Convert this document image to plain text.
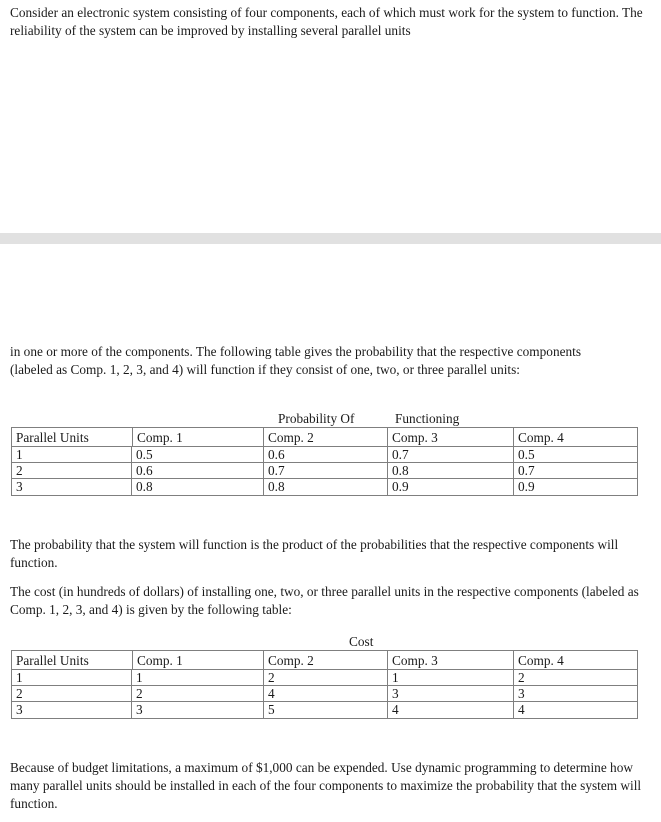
Consider an electronic system consisting of four components, each of which must work for the system to function. The reliability of the system can be improved by installing several parallel units

in one or more of the components. The following table gives the probability that the respective components (labeled as Comp. 1, 2, 3, and 4) will function if they consist of one, two, or three parallel units:

Probability Of	Functioning
Parallel Units	Comp. 1	Comp. 2	Comp. 3	Comp. 4
1	0.5	0.6	0.7	0.5
2	0.6	0.7	0.8	0.7
3	0.8	0.8	0.9	0.9

The probability that the system will function is the product of the probabilities that the respective components will function.

The cost (in hundreds of dollars) of installing one, two, or three parallel units in the respective components (labeled as Comp. 1, 2, 3, and 4) is given by the following table:

Cost
Parallel Units	Comp. 1	Comp. 2	Comp. 3	Comp. 4
1	1	2	1	2
2	2	4	3	3
3	3	5	4	4

Because of budget limitations, a maximum of $1,000 can be expended. Use dynamic programming to determine how many parallel units should be installed in each of the four components to maximize the probability that the system will function.
